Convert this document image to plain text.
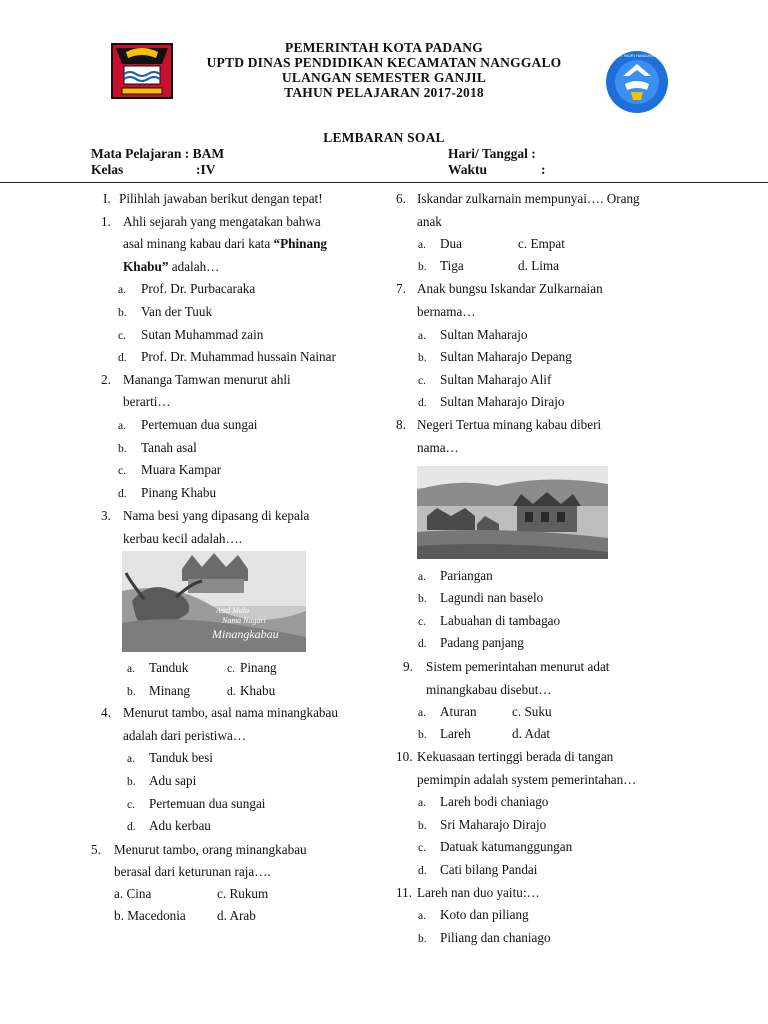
TUT WURI HANDAYANI
PEMERINTAH KOTA PADANG
UPTD DINAS PENDIDIKAN KECAMATAN NANGGALO
ULANGAN SEMESTER GANJIL
TAHUN PELAJARAN 2017-2018
LEMBARAN SOAL
Mata Pelajaran : BAM
Kelas	:IV
Hari/ Tanggal :
Waktu	:
I. Pilihlah jawaban berikut dengan tepat!
1. Ahli sejarah yang mengatakan bahwa
asal minang kabau dari kata “Phinang
Khabu” adalah…
a. Prof. Dr. Purbacaraka
b. Van der Tuuk
c. Sutan Muhammad zain
d. Prof. Dr. Muhammad hussain Nainar
2. Mananga Tamwan menurut ahli
berarti…
a. Pertemuan dua sungai
b. Tanah asal
c. Muara Kampar
d. Pinang Khabu
3. Nama besi yang dipasang di kepala
kerbau kecil adalah….
Asal Mula
Nama Nagari
Minangkabau
a. Tanduk	c. Pinang
b. Minang	d. Khabu
4. Menurut tambo, asal nama minangkabau
adalah dari peristiwa…
a. Tanduk besi
b. Adu sapi
c. Pertemuan dua sungai
d. Adu kerbau
5. Menurut tambo, orang minangkabau
berasal dari keturunan raja….
a. Cina	c. Rukum
b. Macedonia d. Arab
6. Iskandar zulkarnain mempunyai…. Orang
anak
a. Dua	c. Empat
b. Tiga	d. Lima
7. Anak bungsu Iskandar Zulkarnaian
bernama…
a. Sultan Maharajo
b. Sultan Maharajo Depang
c. Sultan Maharajo Alif
d. Sultan Maharajo Dirajo
8. Negeri Tertua minang kabau diberi
nama…
a. Pariangan
b. Lagundi nan baselo
c. Labuahan di tambagao
d. Padang panjang
9. Sistem pemerintahan menurut adat
minangkabau disebut…
a. Aturan	c. Suku
b. Lareh	d. Adat
10. Kekuasaan tertinggi berada di tangan
pemimpin adalah system pemerintahan…
a. Lareh bodi chaniago
b. Sri Maharajo Dirajo
c. Datuak katumanggungan
d. Cati bilang Pandai
11. Lareh nan duo yaitu:…
a. Koto dan piliang
b. Piliang dan chaniago
